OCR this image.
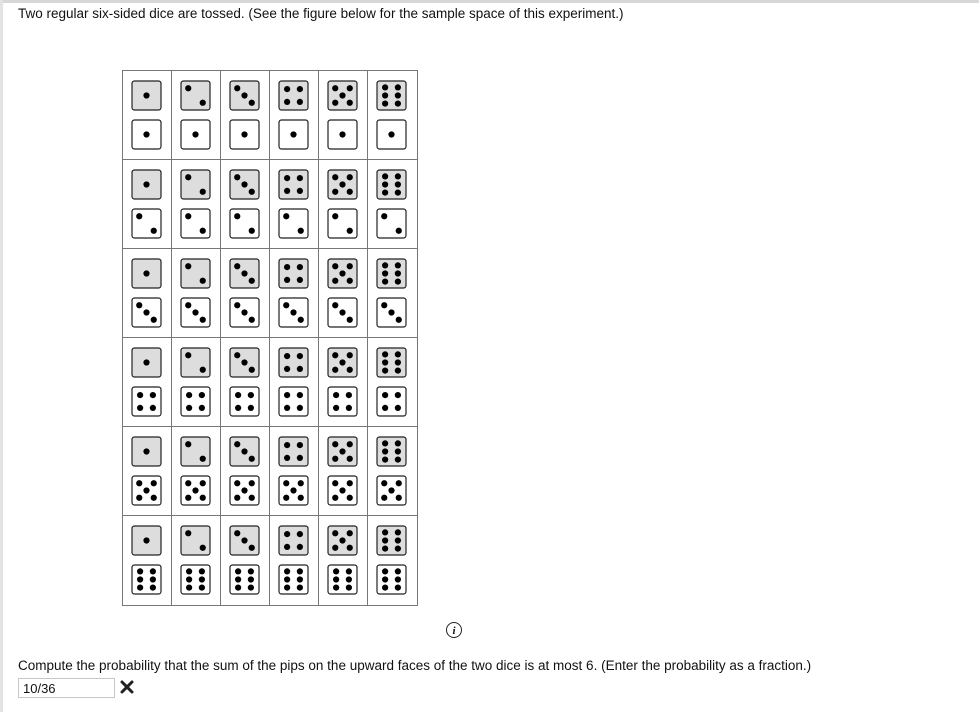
Two regular six-sided dice are tossed. (See the figure below for the sample space of this experiment.)
i
Compute the probability that the sum of the pips on the upward faces of the two dice is at most 6. (Enter the probability as a fraction.)
10/36
